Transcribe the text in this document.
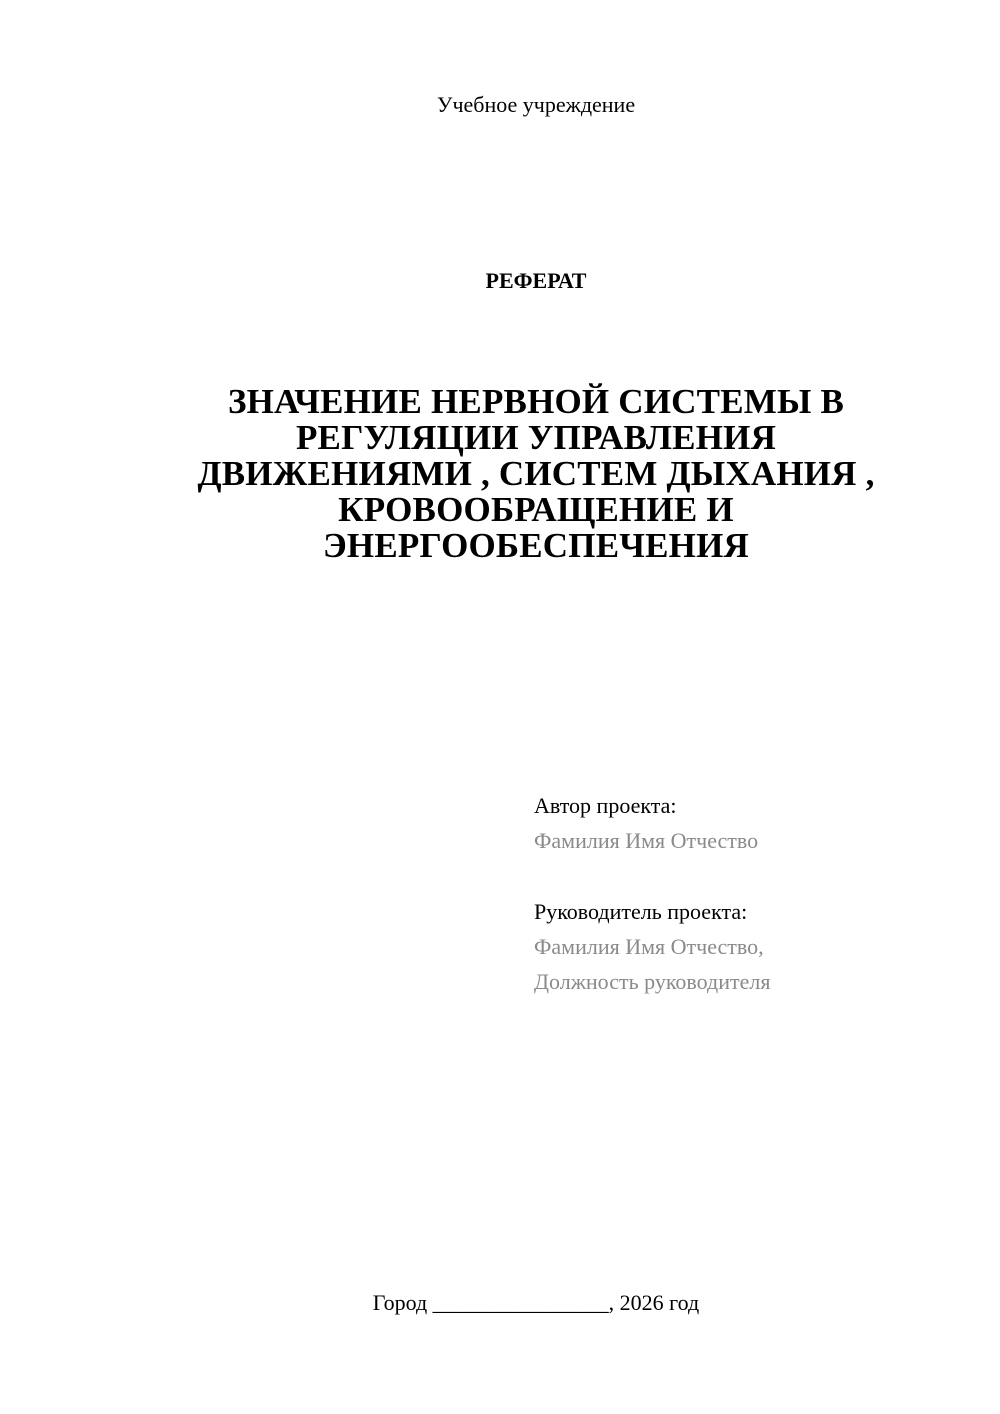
Учебное учреждение
РЕФЕРАТ
ЗНАЧЕНИЕ НЕРВНОЙ СИСТЕМЫ В
РЕГУЛЯЦИИ УПРАВЛЕНИЯ
ДВИЖЕНИЯМИ , СИСТЕМ ДЫХАНИЯ ,
КРОВООБРАЩЕНИЕ И
ЭНЕРГООБЕСПЕЧЕНИЯ
Автор проекта:
Фамилия Имя Отчество
Руководитель проекта:
Фамилия Имя Отчество,
Должность руководителя
Город ________________, 2026 год
